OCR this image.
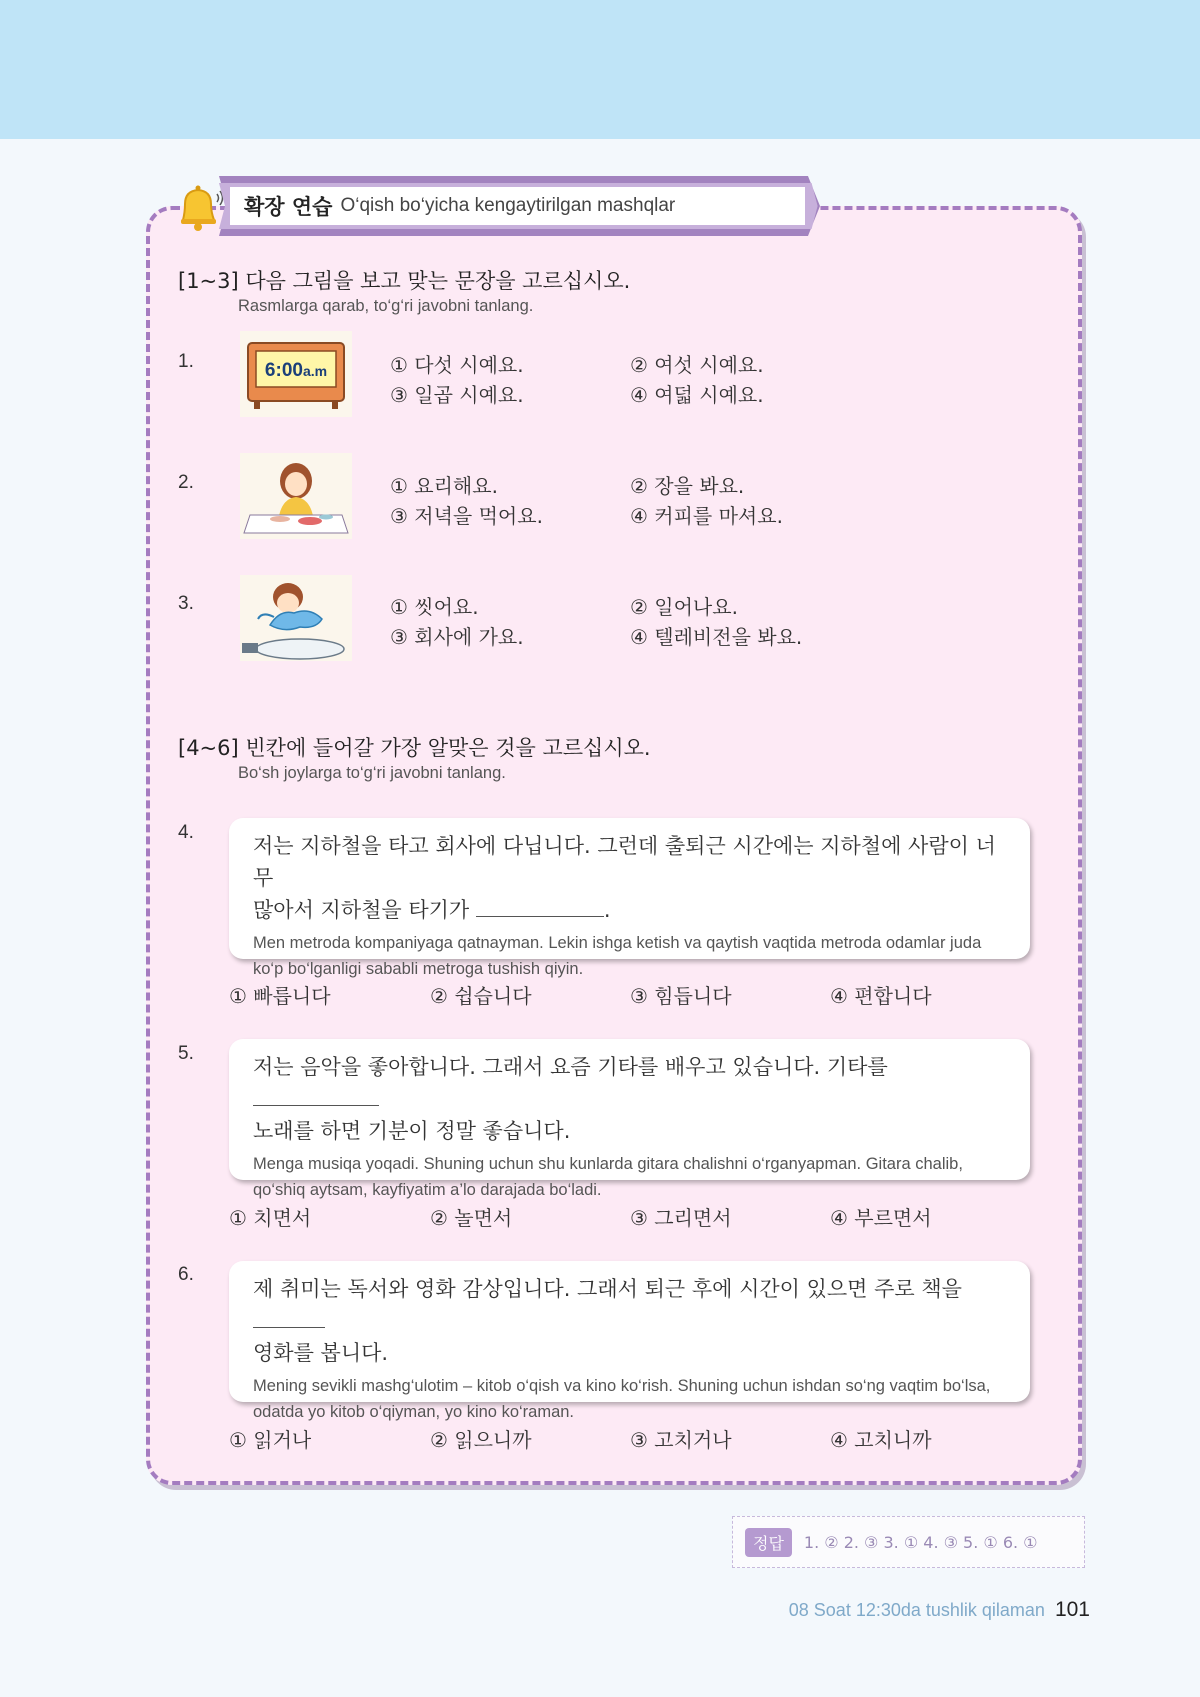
확장 연습 O‘qish bo‘yicha kengaytirilgan mashqlar
[1~3] 다음 그림을 보고 맞는 문장을 고르십시오.
Rasmlarga qarab, to‘g‘ri javobni tanlang.
1.	6:00a.m	① 다섯 시예요.	② 여섯 시예요.
③ 일곱 시예요.	④ 여덟 시예요.
2.	① 요리해요.	② 장을 봐요.
③ 저녁을 먹어요.	④ 커피를 마셔요.
3.	① 씻어요.	② 일어나요.
③ 회사에 가요.	④ 텔레비전을 봐요.
[4~6] 빈칸에 들어갈 가장 알맞은 것을 고르십시오.
Bo‘sh joylarga to‘g‘ri javobni tanlang.
4.
저는 지하철을 타고 회사에 다닙니다. 그런데 출퇴근 시간에는 지하철에 사람이 너무
많아서 지하철을 타기가	.
Men metroda kompaniyaga qatnayman. Lekin ishga ketish va qaytish vaqtida metroda odamlar juda ko‘p bo‘lganligi sababli metroga tushish qiyin.
① 빠릅니다	② 쉽습니다	③ 힘듭니다	④ 편합니다
5.
저는 음악을 좋아합니다. 그래서 요즘 기타를 배우고 있습니다. 기타를
노래를 하면 기분이 정말 좋습니다.
Menga musiqa yoqadi. Shuning uchun shu kunlarda gitara chalishni o‘rganyapman. Gitara chalib, qo‘shiq aytsam, kayfiyatim a’lo darajada bo‘ladi.
① 치면서	② 놀면서	③ 그리면서	④ 부르면서
6.
제 취미는 독서와 영화 감상입니다. 그래서 퇴근 후에 시간이 있으면 주로 책을
영화를 봅니다.
Mening sevikli mashg‘ulotim – kitob o‘qish va kino ko‘rish. Shuning uchun ishdan so‘ng vaqtim bo‘lsa, odatda yo kitob o‘qiyman, yo kino ko‘raman.
① 읽거나	② 읽으니까	③ 고치거나	④ 고치니까
정답	1. ② 2. ③ 3. ① 4. ③ 5. ① 6. ①
08 Soat 12:30da tushlik qilaman 101
